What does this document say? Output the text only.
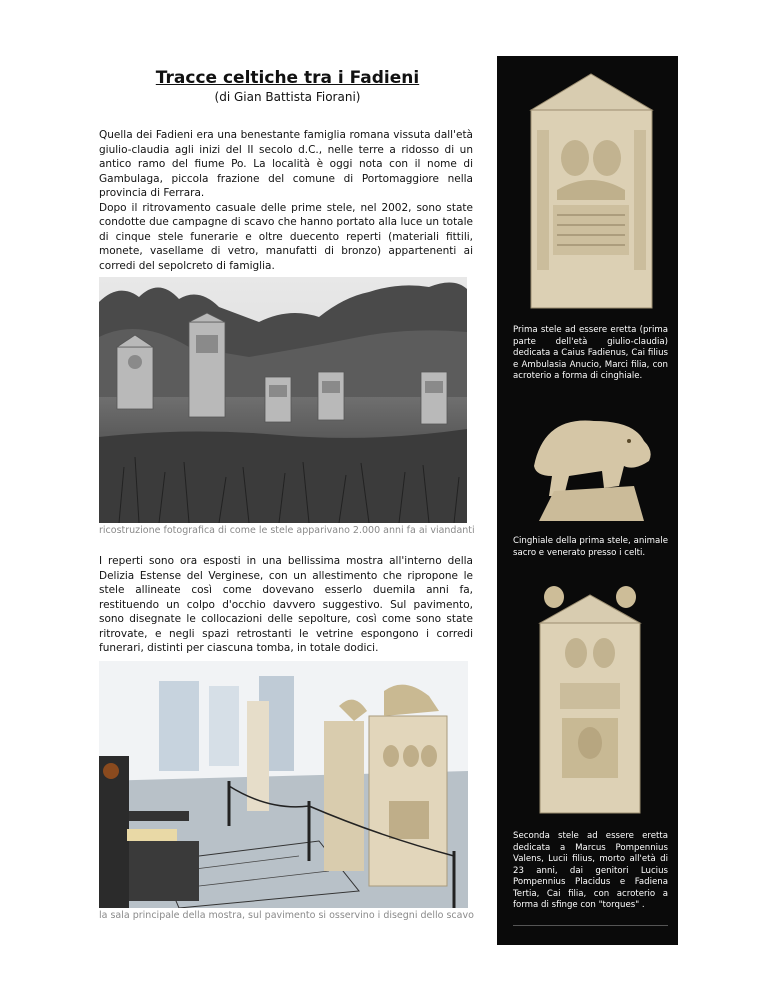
Tracce celtiche tra i Fadieni
(di Gian Battista Fiorani)

Quella dei Fadieni era una benestante famiglia romana vissuta dall'età giulio-claudia agli inizi del II secolo d.C., nelle terre a ridosso di un antico ramo del fiume Po. La località è oggi nota con il nome di Gambulaga, piccola frazione del comune di Portomaggiore nella provincia di Ferrara.

Dopo il ritrovamento casuale delle prime stele, nel 2002, sono state condotte due campagne di scavo che hanno portato alla luce un totale di cinque stele funerarie e oltre duecento reperti (materiali fittili, monete, vasellame di vetro, manufatti di bronzo) appartenenti ai corredi del sepolcreto di famiglia.

ricostruzione fotografica di come le stele apparivano 2.000 anni fa ai viandanti
I reperti sono ora esposti in una bellissima mostra all'interno della Delizia Estense del Verginese, con un allestimento che ripropone le stele allineate così come dovevano esserlo duemila anni fa, restituendo un colpo d'occhio davvero suggestivo. Sul pavimento, sono disegnate le collocazioni delle sepolture, così come sono state ritrovate, e negli spazi retrostanti le vetrine espongono i corredi funerari, distinti per ciascuna tomba, in totale dodici.
la sala principale della mostra, sul pavimento si osservino i disegni dello scavo
Prima stele ad essere eretta (prima parte dell'età giulio-claudia) dedicata a Caius Fadienus, Cai filius e Ambulasia Anucio, Marci filia, con acroterio a forma di cinghiale.
Cinghiale della prima stele, animale sacro e venerato presso i celti.
Seconda stele ad essere eretta dedicata a Marcus Pompennius Valens, Lucii filius, morto all'età di 23 anni, dai genitori Lucius Pompennius Placidus e Fadiena Tertia, Cai filia, con acroterio a forma di sfinge con "torques" .
